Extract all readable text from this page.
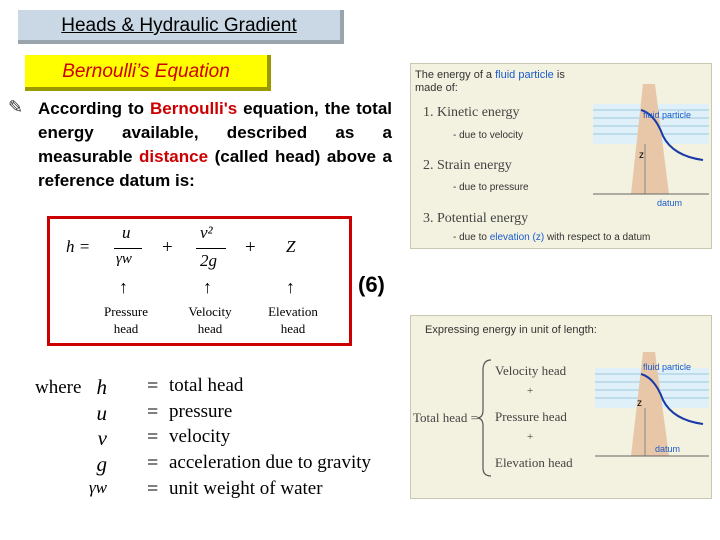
Heads & Hydraulic Gradient
Bernoulli’s Equation
✎ According to Bernoulli's equation, the total energy available, described as a measurable distance (called head) above a reference datum is:
h =
u
γw
+
v²
2g
+ Z
↑	↑	↑
Pressure head
Velocity head
Elevation head
(6)
where h = total head
u = pressure
v = velocity
g = acceleration due to gravity
γw = unit weight of water
The energy of a fluid particle is made of:
1. Kinetic energy
- due to velocity
2. Strain energy
- due to pressure
3. Potential energy
- due to elevation (z) with respect to a datum
fluid particle
z
datum
Expressing energy in unit of length:
Velocity head
+
Pressure head
+
Elevation head
Total head =
fluid particle
z
datum
